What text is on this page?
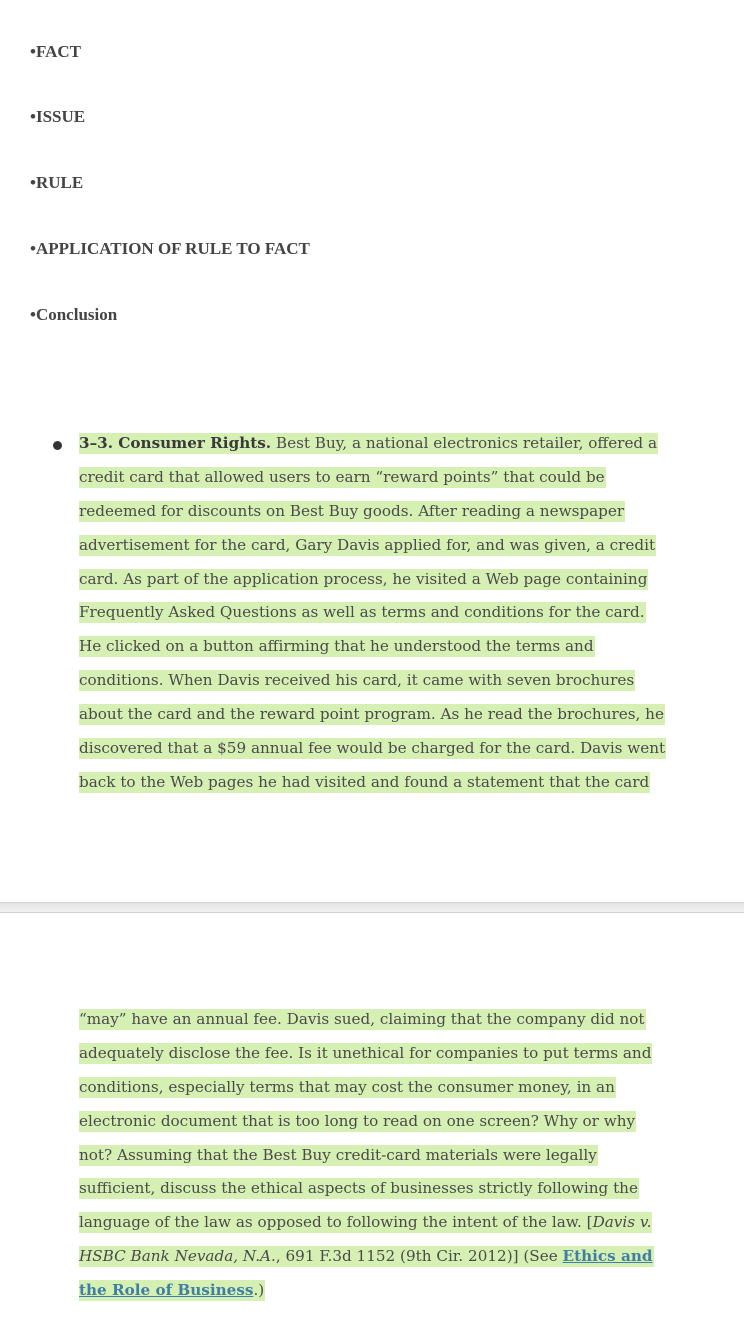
•FACT
•ISSUE
•RULE
•APPLICATION OF RULE TO FACT
•Conclusion
3–3. Consumer Rights. Best Buy, a national electronics retailer, offered a
credit card that allowed users to earn “reward points” that could be
redeemed for discounts on Best Buy goods. After reading a newspaper
advertisement for the card, Gary Davis applied for, and was given, a credit
card. As part of the application process, he visited a Web page containing
Frequently Asked Questions as well as terms and conditions for the card.
He clicked on a button affirming that he understood the terms and
conditions. When Davis received his card, it came with seven brochures
about the card and the reward point program. As he read the brochures, he
discovered that a $59 annual fee would be charged for the card. Davis went
back to the Web pages he had visited and found a statement that the card
“may” have an annual fee. Davis sued, claiming that the company did not
adequately disclose the fee. Is it unethical for companies to put terms and
conditions, especially terms that may cost the consumer money, in an
electronic document that is too long to read on one screen? Why or why
not? Assuming that the Best Buy credit-card materials were legally
sufficient, discuss the ethical aspects of businesses strictly following the
language of the law as opposed to following the intent of the law. [Davis v.
HSBC Bank Nevada, N.A., 691 F.3d 1152 (9th Cir. 2012)] (See Ethics and
the Role of Business.)
